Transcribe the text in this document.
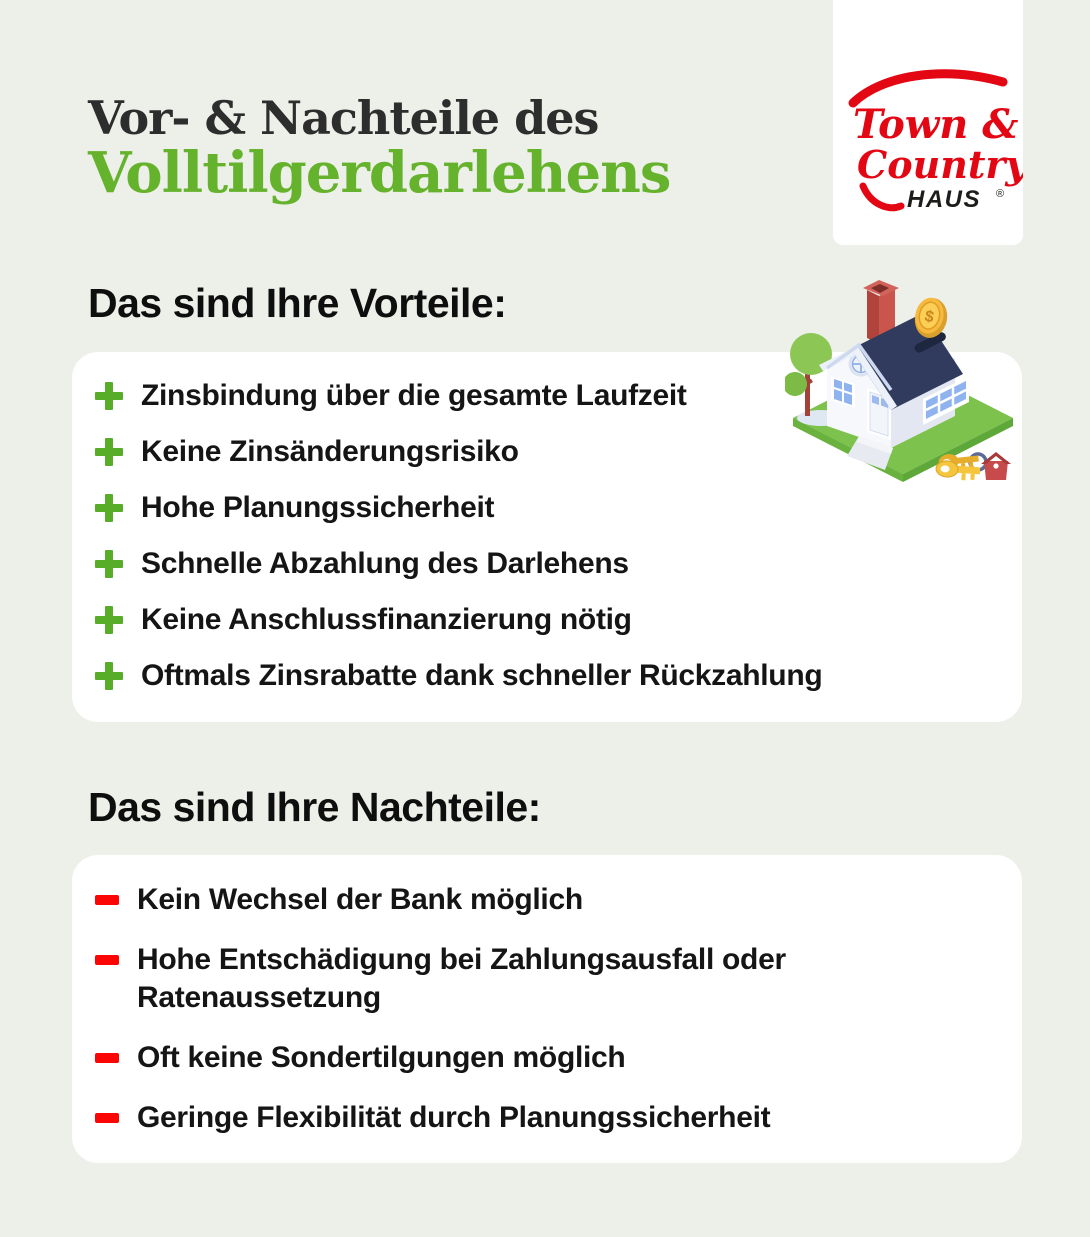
Vor- & Nachteile des
Volltilgerdarlehens
Town &
Country
HAUS ®
Das sind Ihre Vorteile:
Zinsbindung über die gesamte Laufzeit
Keine Zinsänderungsrisiko
Hohe Planungssicherheit
Schnelle Abzahlung des Darlehens
Keine Anschlussfinanzierung nötig
Oftmals Zinsrabatte dank schneller Rückzahlung
$
Das sind Ihre Nachteile:
Kein Wechsel der Bank möglich
Hohe Entschädigung bei Zahlungsausfall oder Ratenaussetzung
Oft keine Sondertilgungen möglich
Geringe Flexibilität durch Planungssicherheit
